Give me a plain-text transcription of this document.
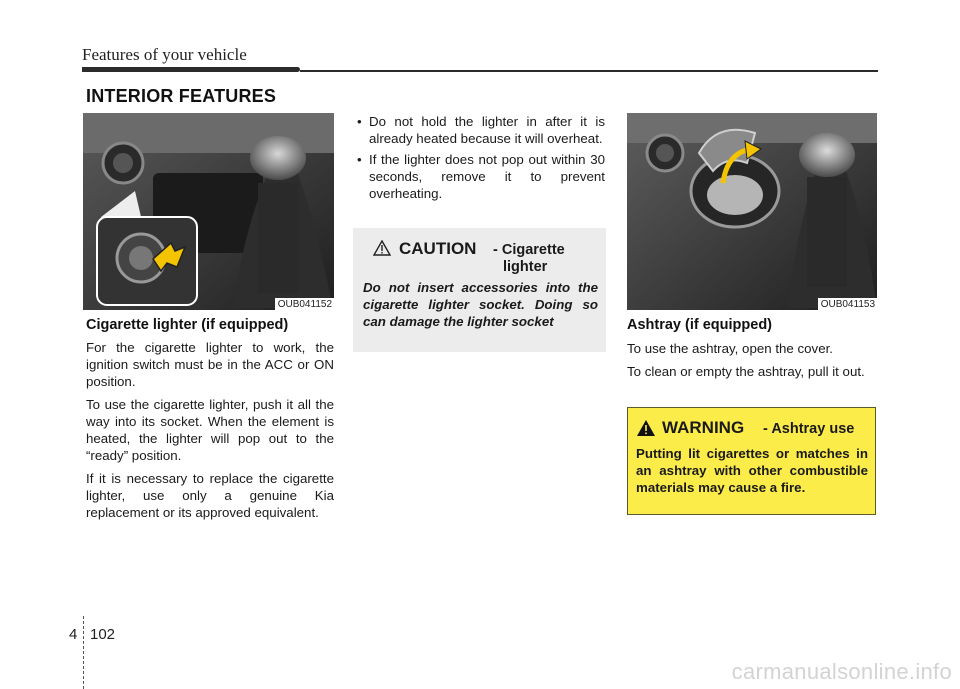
Features of your vehicle
INTERIOR FEATURES
OUB041152
Cigarette lighter (if equipped)

For the cigarette lighter to work, the ignition switch must be in the ACC or ON position.

To use the cigarette lighter, push it all the way into its socket. When the element is heated, the lighter will pop out to the “ready” position.

If it is necessary to replace the cigarette lighter, use only a genuine Kia replacement or its approved equivalent.

• Do not hold the lighter in after it is already heated because it will overheat.
• If the lighter does not pop out within 30 seconds, remove it to prevent overheating.
CAUTION - Cigarette
lighter
Do not insert accessories into the cigarette lighter socket. Doing so can damage the lighter socket
OUB041153
Ashtray (if equipped)

To use the ashtray, open the cover.

To clean or empty the ashtray, pull it out.

WARNING - Ashtray use
Putting lit cigarettes or matches in an ashtray with other combustible materials may cause a fire.
4 102
carmanualsonline.info
